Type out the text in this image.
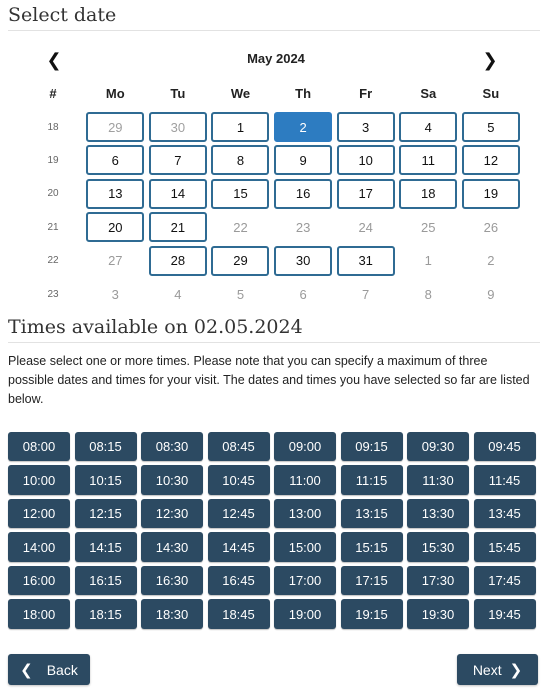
Select date
❮	May 2024	❯
#	Mo	Tu	We	Th	Fr	Sa	Su
18	29	30	1	2	3	4	5
19	6	7	8	9	10	11	12
20	13	14	15	16	17	18	19
21	20	21	22	23	24	25	26
22	27	28	29	30	31	1	2
23	3	4	5	6	7	8	9
Times available on 02.05.2024

Please select one or more times. Please note that you can specify a maximum of three possible dates and times for your visit. The dates and times you have selected so far are listed below.

08:00	08:15	08:30	08:45	09:00	09:15	09:30	09:45
10:00	10:15	10:30	10:45	11:00	11:15	11:30	11:45
12:00	12:15	12:30	12:45	13:00	13:15	13:30	13:45
14:00	14:15	14:30	14:45	15:00	15:15	15:30	15:45
16:00	16:15	16:30	16:45	17:00	17:15	17:30	17:45
18:00	18:15	18:30	18:45	19:00	19:15	19:30	19:45
❮ Back	Next ❯
